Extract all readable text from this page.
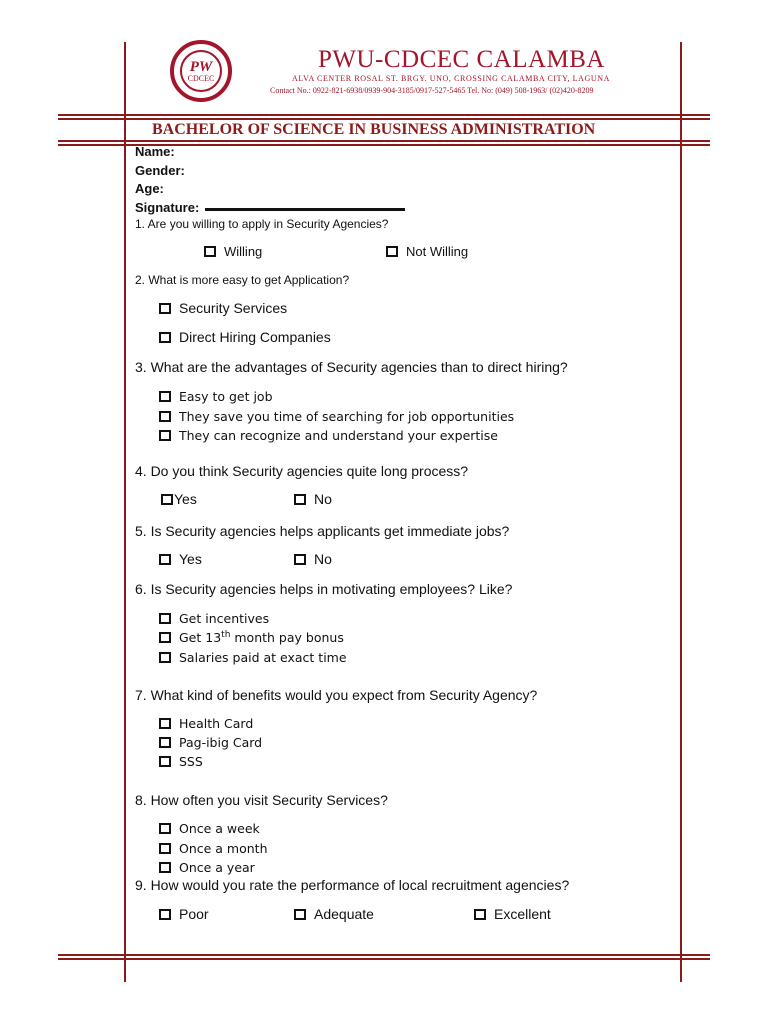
PW
CDCEC
PWU-CDCEC CALAMBA
ALVA CENTER ROSAL ST. BRGY. UNO, CROSSING CALAMBA CITY, LAGUNA
Contact No.: 0922-821-6938/0939-904-3185/0917-527-5465 Tel. No: (049) 508-1963/ (02)420-8209
BACHELOR OF SCIENCE IN BUSINESS ADMINISTRATION
Name:
Gender:
Age:
Signature:
1. Are you willing to apply in Security Agencies?
Willing	Not Willing
2. What is more easy to get Application?
Security Services
Direct Hiring Companies
3. What are the advantages of Security agencies than to direct hiring?
Easy to get job
They save you time of searching for job opportunities
They can recognize and understand your expertise
4. Do you think Security agencies quite long process?
Yes	No
5. Is Security agencies helps applicants get immediate jobs?
Yes	No
6. Is Security agencies helps in motivating employees? Like?
Get incentives
Get 13th month pay bonus
Salaries paid at exact time
7. What kind of benefits would you expect from Security Agency?
Health Card
Pag-ibig Card
SSS
8. How often you visit Security Services?
Once a week
Once a month
Once a year
9. How would you rate the performance of local recruitment agencies?
Poor	Adequate	Excellent
